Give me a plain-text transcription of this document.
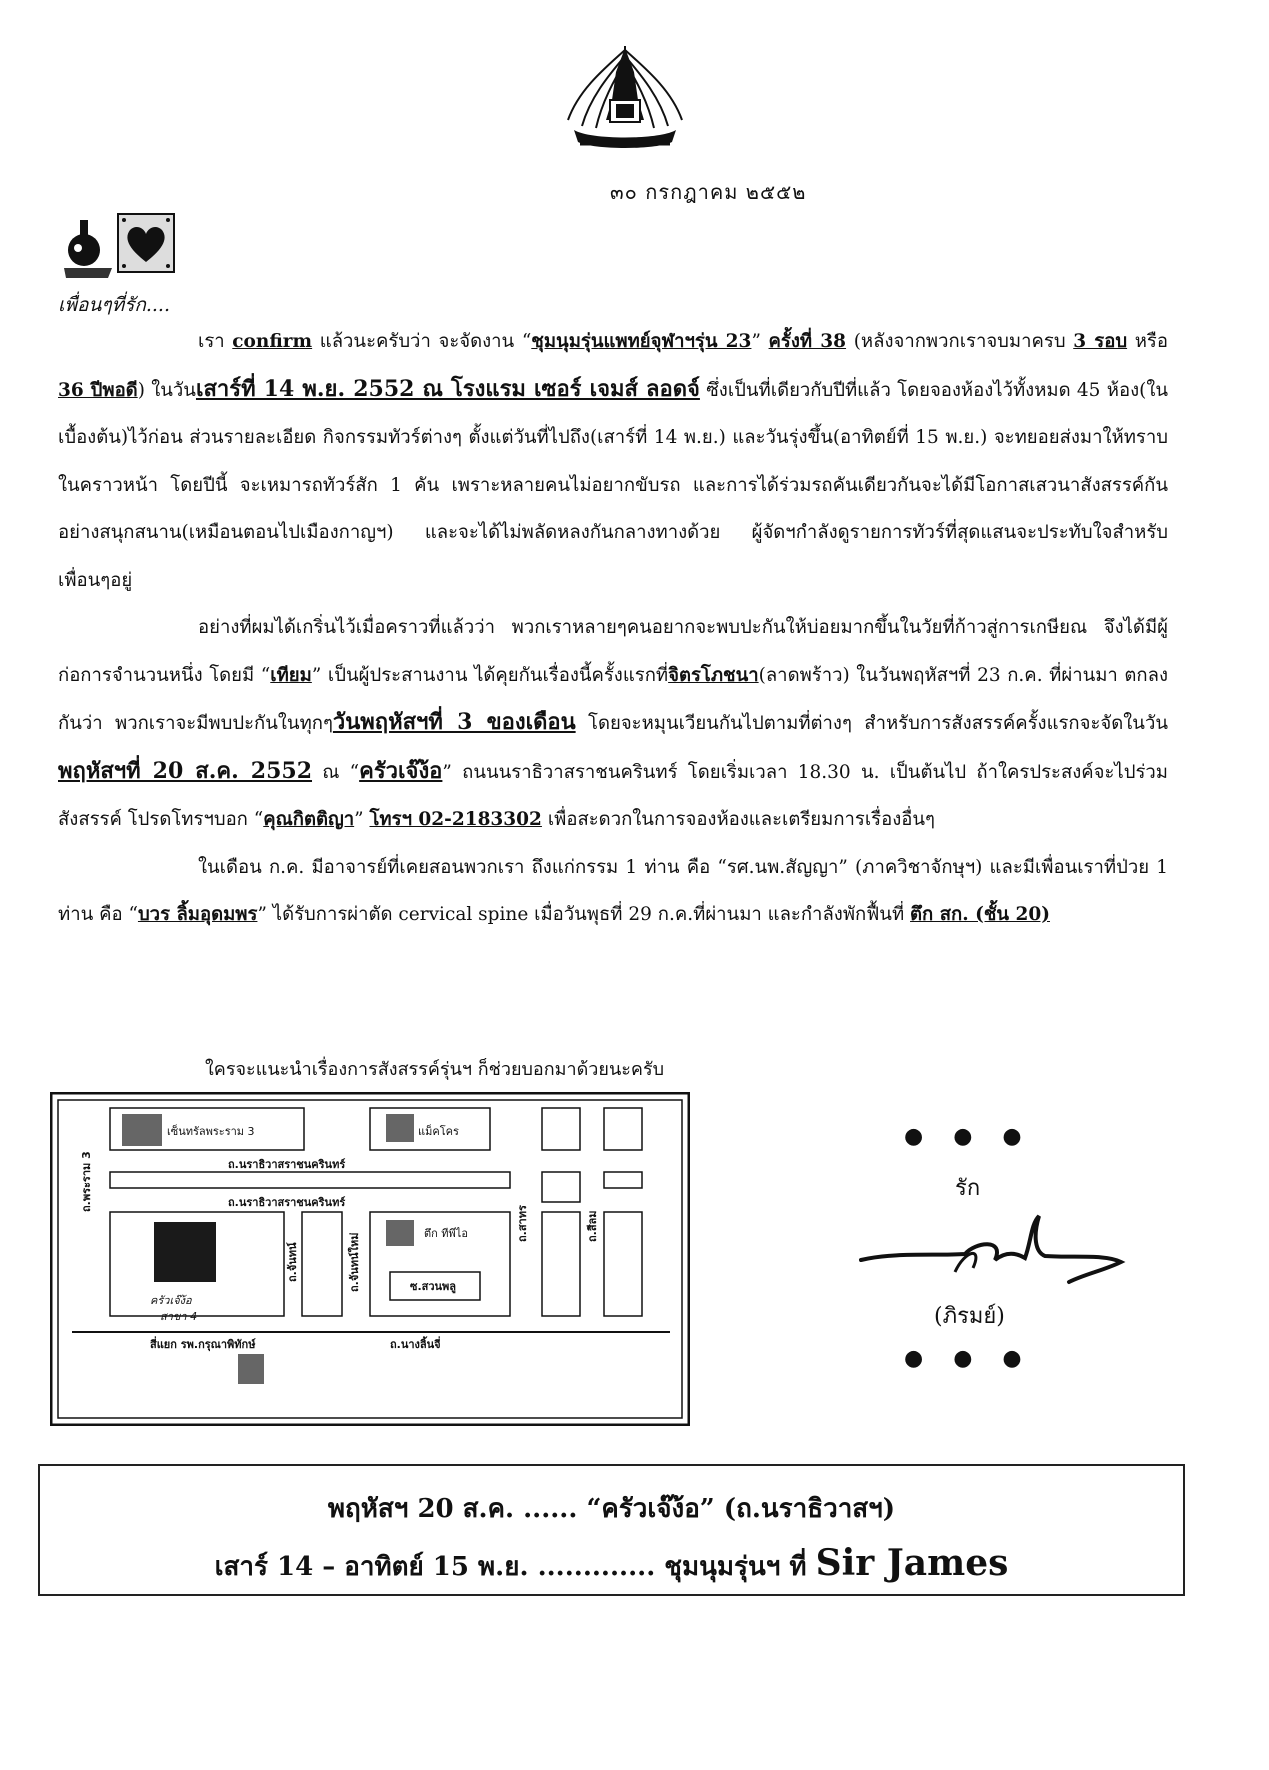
๓๐ กรกฎาคม ๒๕๕๒
เพื่อนๆที่รัก....

เรา confirm แล้วนะครับว่า จะจัดงาน “ชุมนุมรุ่นแพทย์จุฬาฯรุ่น 23” ครั้งที่ 38 (หลังจากพวกเราจบมาครบ 3 รอบ หรือ 36 ปีพอดี) ในวันเสาร์ที่ 14 พ.ย. 2552 ณ โรงแรม เซอร์ เจมส์ ลอดจ์ ซึ่งเป็นที่เดียวกับปีที่แล้ว โดยจองห้องไว้ทั้งหมด 45 ห้อง(ในเบื้องต้น)ไว้ก่อน ส่วนรายละเอียด กิจกรรมทัวร์ต่างๆ ตั้งแต่วันที่ไปถึง(เสาร์ที่ 14 พ.ย.) และวันรุ่งขึ้น(อาทิตย์ที่ 15 พ.ย.) จะทยอยส่งมาให้ทราบในคราวหน้า โดยปีนี้ จะเหมารถทัวร์สัก 1 คัน เพราะหลายคนไม่อยากขับรถ และการได้ร่วมรถคันเดียวกันจะได้มีโอกาสเสวนาสังสรรค์กันอย่างสนุกสนาน(เหมือนตอนไปเมืองกาญฯ) และจะได้ไม่พลัดหลงกันกลางทางด้วย ผู้จัดฯกำลังดูรายการทัวร์ที่สุดแสนจะประทับใจสำหรับเพื่อนๆอยู่

อย่างที่ผมได้เกริ่นไว้เมื่อคราวที่แล้วว่า พวกเราหลายๆคนอยากจะพบปะกันให้บ่อยมากขึ้นในวัยที่ก้าวสู่การเกษียณ จึงได้มีผู้ก่อการจำนวนหนึ่ง โดยมี “เทียม” เป็นผู้ประสานงาน ได้คุยกันเรื่องนี้ครั้งแรกที่จิตรโภชนา(ลาดพร้าว) ในวันพฤหัสฯที่ 23 ก.ค. ที่ผ่านมา ตกลงกันว่า พวกเราจะมีพบปะกันในทุกๆวันพฤหัสฯที่ 3 ของเดือน โดยจะหมุนเวียนกันไปตามที่ต่างๆ สำหรับการสังสรรค์ครั้งแรกจะจัดในวันพฤหัสฯที่ 20 ส.ค. 2552 ณ “ครัวเจ๊ง้อ” ถนนนราธิวาสราชนครินทร์ โดยเริ่มเวลา 18.30 น. เป็นต้นไป ถ้าใครประสงค์จะไปร่วมสังสรรค์ โปรดโทรฯบอก “คุณกิตติญา” โทรฯ 02-2183302 เพื่อสะดวกในการจองห้องและเตรียมการเรื่องอื่นๆ

ในเดือน ก.ค. มีอาจารย์ที่เคยสอนพวกเรา ถึงแก่กรรม 1 ท่าน คือ “รศ.นพ.สัญญา” (ภาควิชาจักษุฯ) และมีเพื่อนเราที่ป่วย 1 ท่าน คือ “บวร ลิ้มอุดมพร” ได้รับการผ่าตัด cervical spine เมื่อวันพุธที่ 29 ก.ค.ที่ผ่านมา และกำลังพักฟื้นที่ ตึก สก. (ชั้น 20)

ใครจะแนะนำเรื่องการสังสรรค์รุ่นฯ ก็ช่วยบอกมาด้วยนะครับ
เซ็นทรัลพระราม 3	แม็คโคร
ถ.นราธิวาสราชนครินทร์
ถ.นราธิวาสราชนครินทร์
ถ.พระราม 3
ถ.จันทน์	ถ.จันทน์ใหม่
ถ.สาทร	ถ.สีลม
ตึก ทีพีไอ
ซ.สวนพลู
ครัวเจ๊ง้อ
สาขา 4
สี่แยก รพ.กรุณาพิทักษ์	ถ.นางลิ้นจี่
●●●
รัก
(ภิรมย์)
●●●
พฤหัสฯ 20 ส.ค. ...... “ครัวเจ๊ง้อ” (ถ.นราธิวาสฯ)
เสาร์ 14 – อาทิตย์ 15 พ.ย. ............. ชุมนุมรุ่นฯ ที่ Sir James
